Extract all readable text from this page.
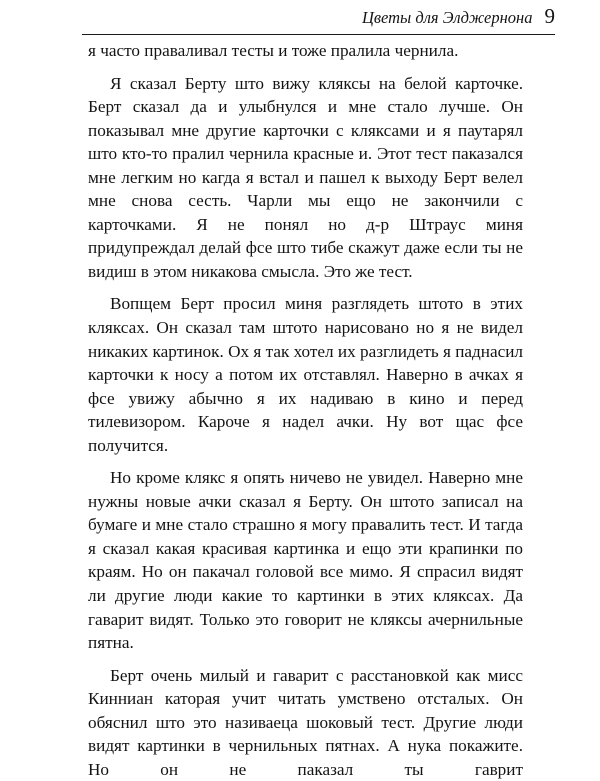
Цветы для Элджернона 9

я часто праваливал тесты и тоже пралила чернила.

Я сказал Берту што вижу кляксы на белой карточке. Берт сказал да и улыбнулся и мне стало лучше. Он показывал мне другие карточки с кляксами и я паутарял што кто-то пралил чернила красные и. Этот тест паказался мне легким но кагда я встал и пашел к выходу Берт велел мне снова сесть. Чарли мы ещо не закончили с карточками. Я не понял но д-р Штраус миня придупреждал делай фсе што тибе скажут даже если ты не видиш в этом никакова смысла. Это же тест.

Вопщем Берт просил миня разглядеть штото в этих кляксах. Он сказал там штото нарисовано но я не видел никаких картинок. Ох я так хотел их разглидеть я паднасил карточки к носу а потом их отставлял. Наверно в ачках я фсе увижу абычно я их надиваю в кино и перед тилевизором. Кароче я надел ачки. Ну вот щас фсе получится.

Но кроме клякс я опять ничево не увидел. Наверно мне нужны новые ачки сказал я Берту. Он штото записал на бумаге и мне стало страшно я могу правалить тест. И тагда я сказал какая красивая картинка и ещо эти крапинки по краям. Но он пакачал головой все мимо. Я спрасил видят ли другие люди какие то картинки в этих кляксах. Да гаварит видят. Только это говорит не кляксы ачернильные пятна.

Берт очень милый и гаварит с расстановкой как мисс Кинниан каторая учит читать умствено отсталых. Он обяснил што это називаеца шоковый тест. Другие люди видят картинки в чернильных пятнах. А нука покажите. Но он не паказал ты гаврит
